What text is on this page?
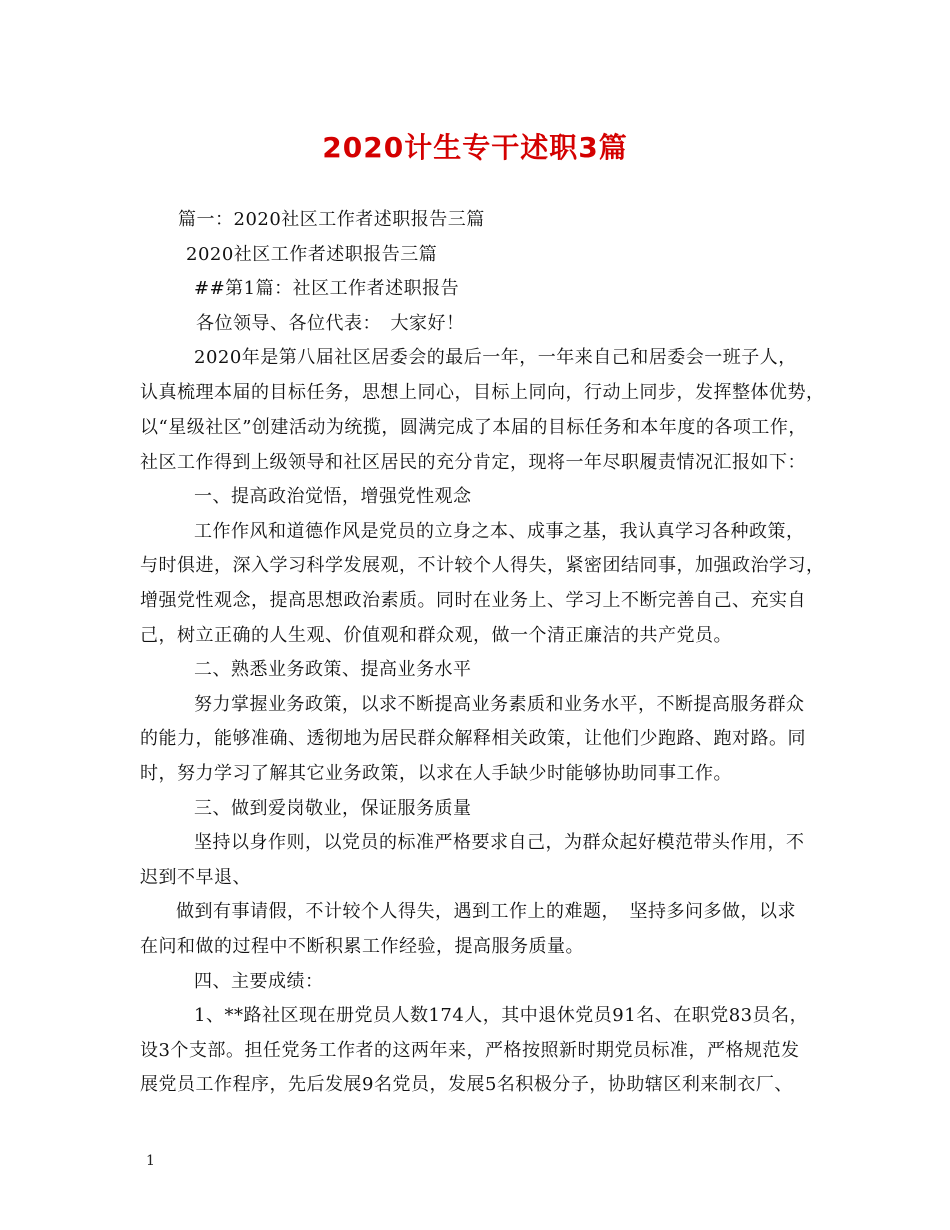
2020计生专干述职3篇
篇一：2020社区工作者述职报告三篇
2020社区工作者述职报告三篇
##第1篇：社区工作者述职报告
各位领导、各位代表：　大家好！
2020年是第八届社区居委会的最后一年，一年来自己和居委会一班子人，
认真梳理本届的目标任务，思想上同心，目标上同向，行动上同步，发挥整体优势，
以“星级社区”创建活动为统揽，圆满完成了本届的目标任务和本年度的各项工作，
社区工作得到上级领导和社区居民的充分肯定，现将一年尽职履责情况汇报如下：
一、提高政治觉悟，增强党性观念
工作作风和道德作风是党员的立身之本、成事之基，我认真学习各种政策，
与时俱进，深入学习科学发展观，不计较个人得失，紧密团结同事，加强政治学习，
增强党性观念，提高思想政治素质。同时在业务上、学习上不断完善自己、充实自
己，树立正确的人生观、价值观和群众观，做一个清正廉洁的共产党员。
二、熟悉业务政策、提高业务水平
努力掌握业务政策，以求不断提高业务素质和业务水平，不断提高服务群众
的能力，能够准确、透彻地为居民群众解释相关政策，让他们少跑路、跑对路。同
时，努力学习了解其它业务政策，以求在人手缺少时能够协助同事工作。
三、做到爱岗敬业，保证服务质量
坚持以身作则，以党员的标准严格要求自己，为群众起好模范带头作用，不
迟到不早退、
做到有事请假，不计较个人得失，遇到工作上的难题，　坚持多问多做，以求
在问和做的过程中不断积累工作经验，提高服务质量。
四、主要成绩：
1、**路社区现在册党员人数174人，其中退休党员91名、在职党83员名，
设3个支部。担任党务工作者的这两年来，严格按照新时期党员标准，严格规范发
展党员工作程序，先后发展9名党员，发展5名积极分子，协助辖区利来制衣厂、
1
